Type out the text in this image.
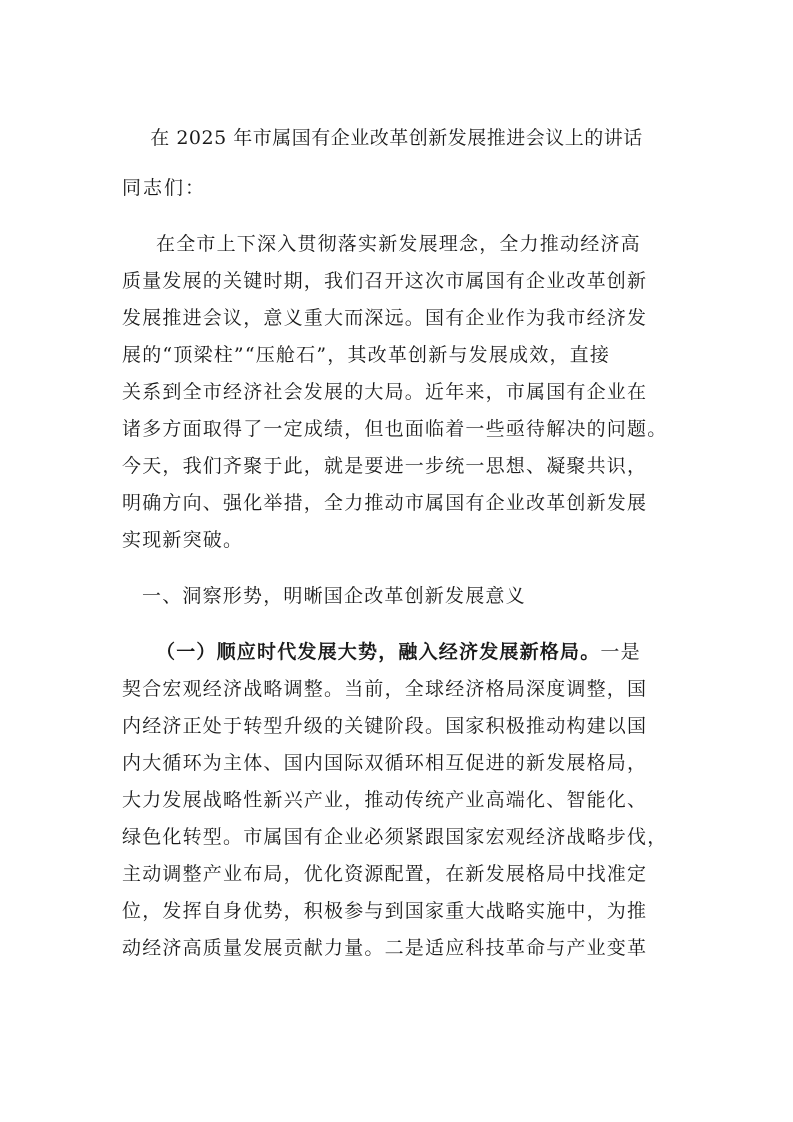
在 2025 年市属国有企业改革创新发展推进会议上的讲话
同志们：
在全市上下深入贯彻落实新发展理念，全力推动经济高
质量发展的关键时期，我们召开这次市属国有企业改革创新
发展推进会议，意义重大而深远。国有企业作为我市经济发
展的“顶梁柱”“压舱石”，其改革创新与发展成效，直接
关系到全市经济社会发展的大局。近年来，市属国有企业在
诸多方面取得了一定成绩，但也面临着一些亟待解决的问题。
今天，我们齐聚于此，就是要进一步统一思想、凝聚共识，
明确方向、强化举措，全力推动市属国有企业改革创新发展
实现新突破。
一、洞察形势，明晰国企改革创新发展意义
（一）顺应时代发展大势，融入经济发展新格局。一是
契合宏观经济战略调整。当前，全球经济格局深度调整，国
内经济正处于转型升级的关键阶段。国家积极推动构建以国
内大循环为主体、国内国际双循环相互促进的新发展格局，
大力发展战略性新兴产业，推动传统产业高端化、智能化、
绿色化转型。市属国有企业必须紧跟国家宏观经济战略步伐，
主动调整产业布局，优化资源配置，在新发展格局中找准定
位，发挥自身优势，积极参与到国家重大战略实施中，为推
动经济高质量发展贡献力量。二是适应科技革命与产业变革
